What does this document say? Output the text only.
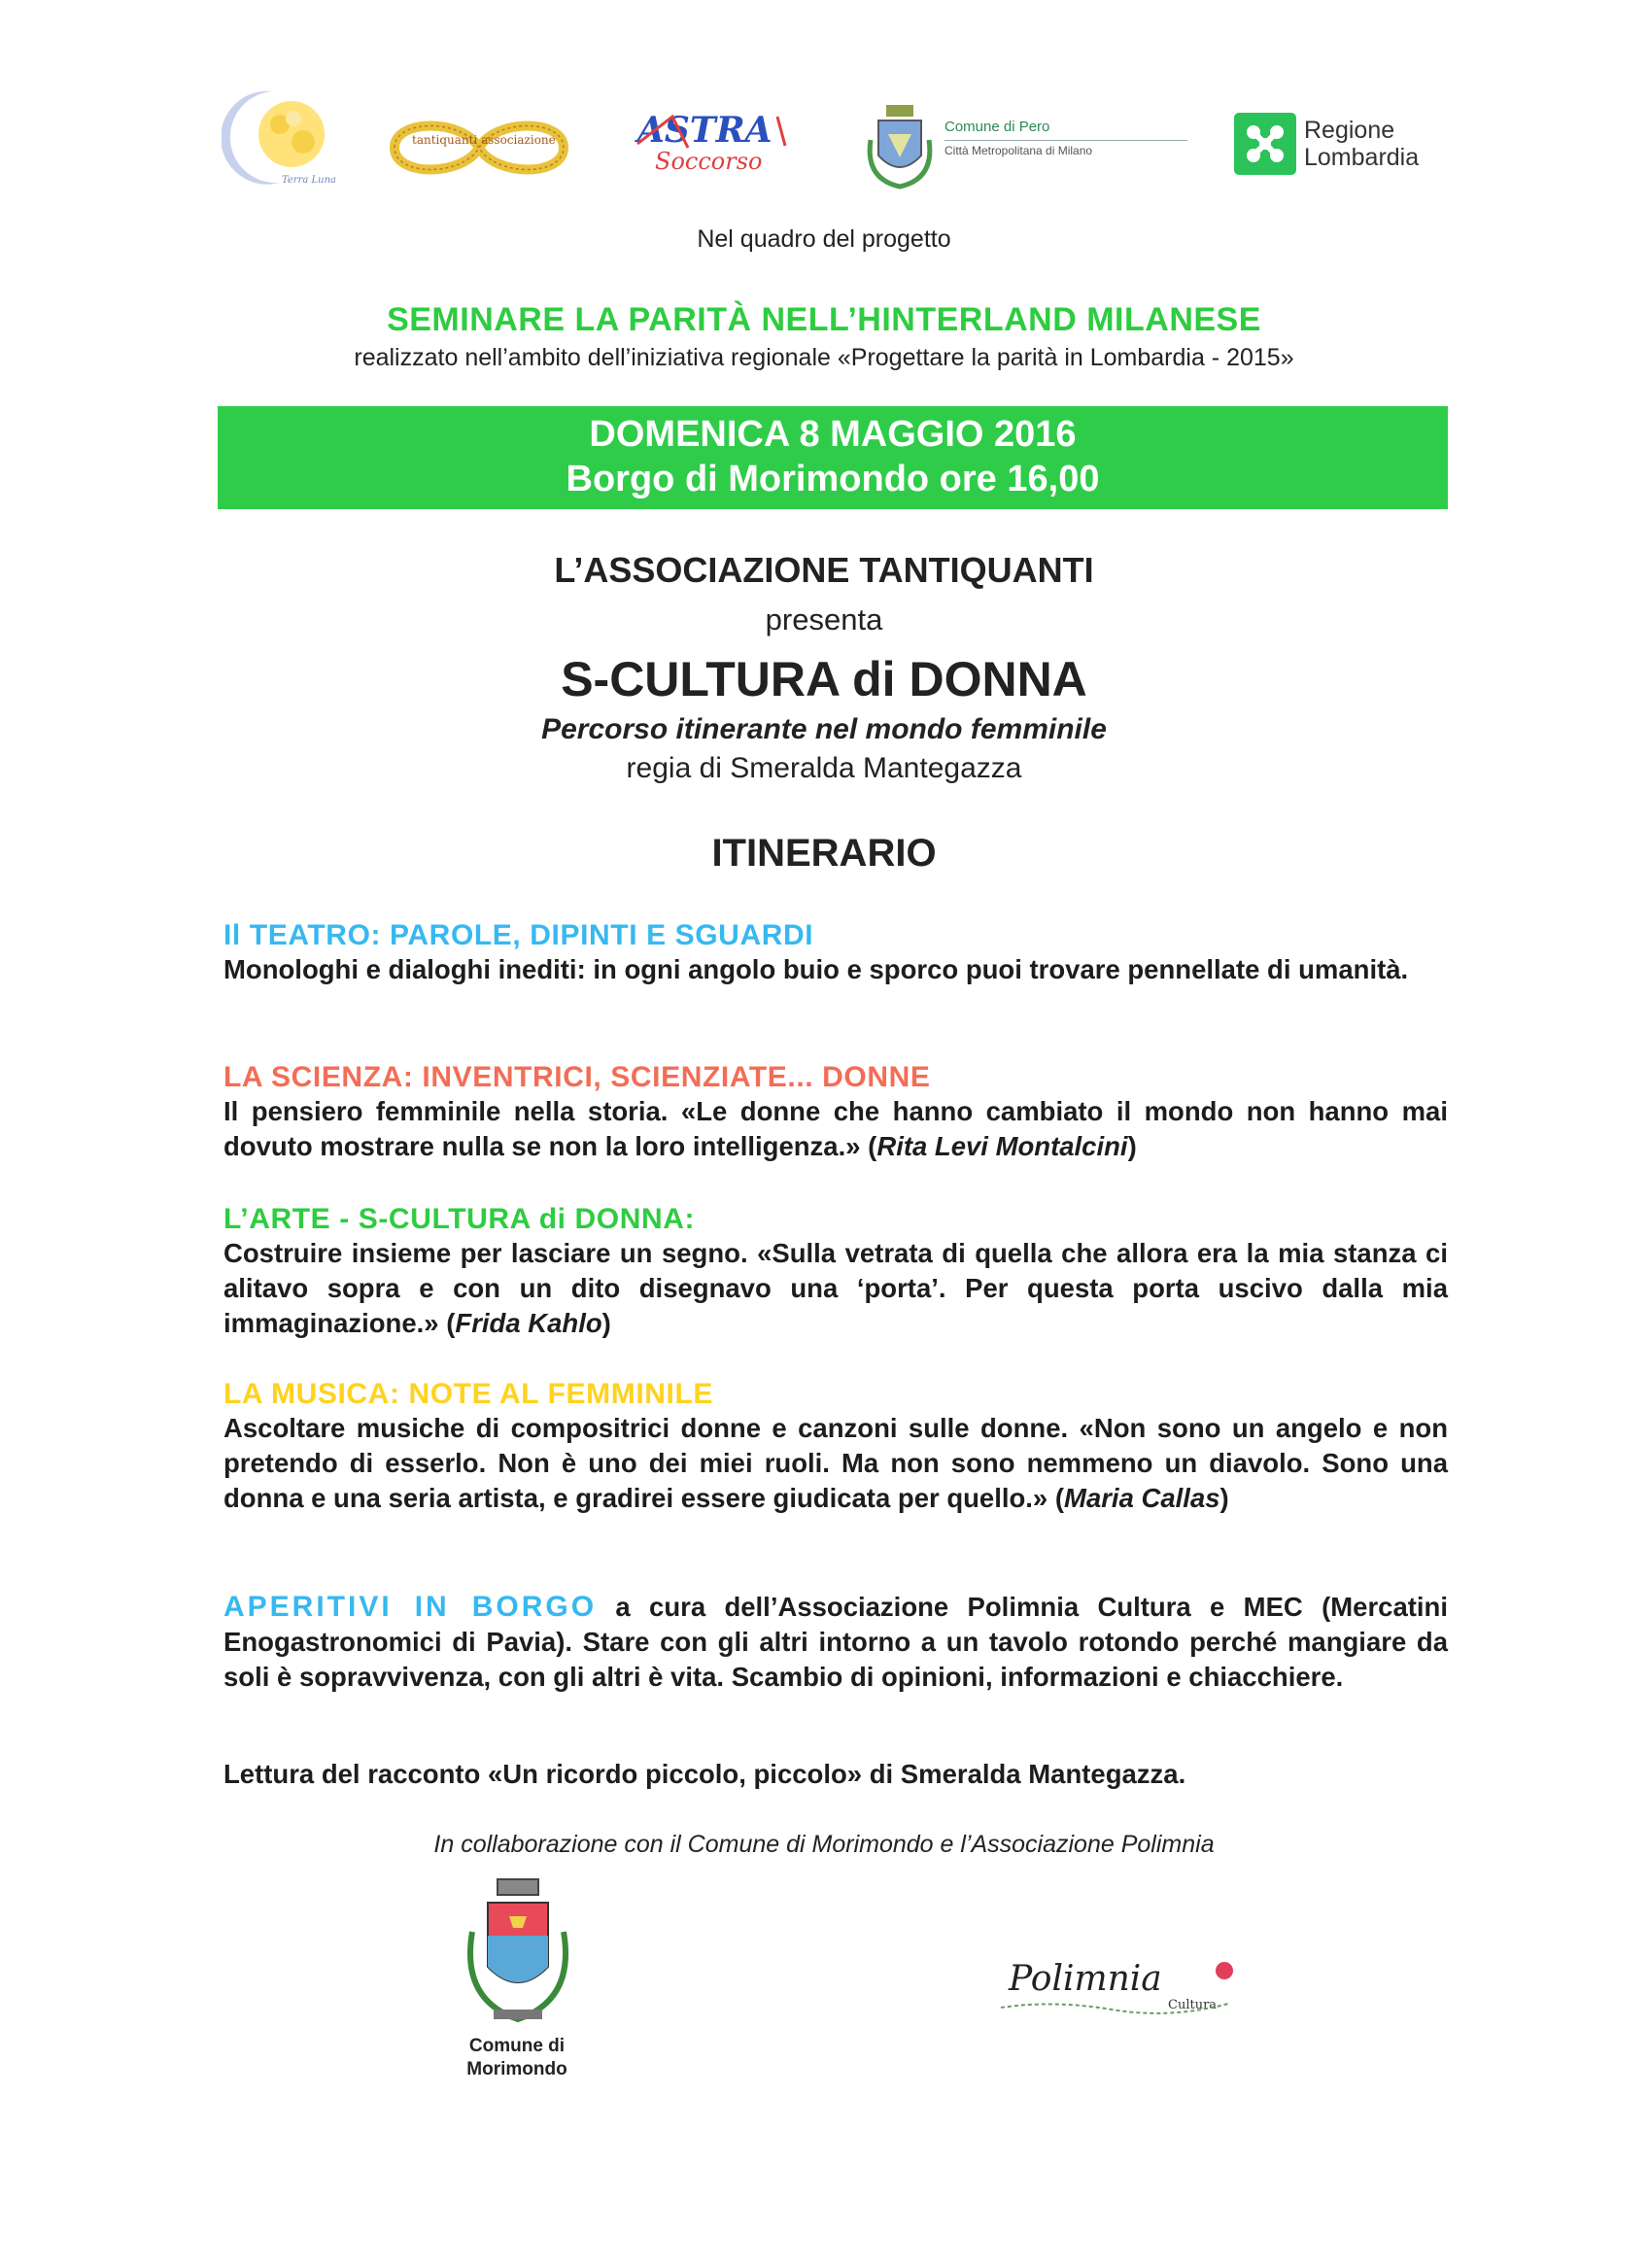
Terra Luna
tantiquanti associazione ASTRA
Soccorso
Comune di Pero
Città Metropolitana di Milano
Regione
Lombardia
Nel quadro del progetto
SEMINARE LA PARITÀ NELL’HINTERLAND MILANESE
realizzato nell’ambito dell’iniziativa regionale «Progettare la parità in Lombardia - 2015»
DOMENICA 8 MAGGIO 2016
Borgo di Morimondo ore 16,00
L’ASSOCIAZIONE TANTIQUANTI
presenta
S-CULTURA di DONNA
Percorso itinerante nel mondo femminile
regia di Smeralda Mantegazza
ITINERARIO
Il TEATRO: PAROLE, DIPINTI E SGUARDI
Monologhi e dialoghi inediti: in ogni angolo buio e sporco puoi trovare pennellate di umanità.
LA SCIENZA: INVENTRICI, SCIENZIATE... DONNE
Il pensiero femminile nella storia. «Le donne che hanno cambiato il mondo non hanno mai dovuto mostrare nulla se non la loro intelligenza.» (Rita Levi Montalcini)
L’ARTE - S-CULTURA di DONNA:
Costruire insieme per lasciare un segno. «Sulla vetrata di quella che allora era la mia stanza ci alitavo sopra e con un dito disegnavo una ‘porta’. Per questa porta uscivo dalla mia immaginazione.» (Frida Kahlo)
LA MUSICA: NOTE AL FEMMINILE
Ascoltare musiche di compositrici donne e canzoni sulle donne. «Non sono un angelo e non pretendo di esserlo. Non è uno dei miei ruoli. Ma non sono nemmeno un diavolo. Sono una donna e una seria artista, e gradirei essere giudicata per quello.» (Maria Callas)
APERITIVI IN BORGO a cura dell’Associazione Polimnia Cultura e MEC (Mercatini Enogastronomici di Pavia). Stare con gli altri intorno a un tavolo rotondo perché mangiare da soli è sopravvivenza, con gli altri è vita. Scambio di opinioni, informazioni e chiacchiere.
Lettura del racconto «Un ricordo piccolo, piccolo» di Smeralda Mantegazza.
In collaborazione con il Comune di Morimondo e l’Associazione Polimnia
Comune di
Morimondo
Polimnia
Cultura
